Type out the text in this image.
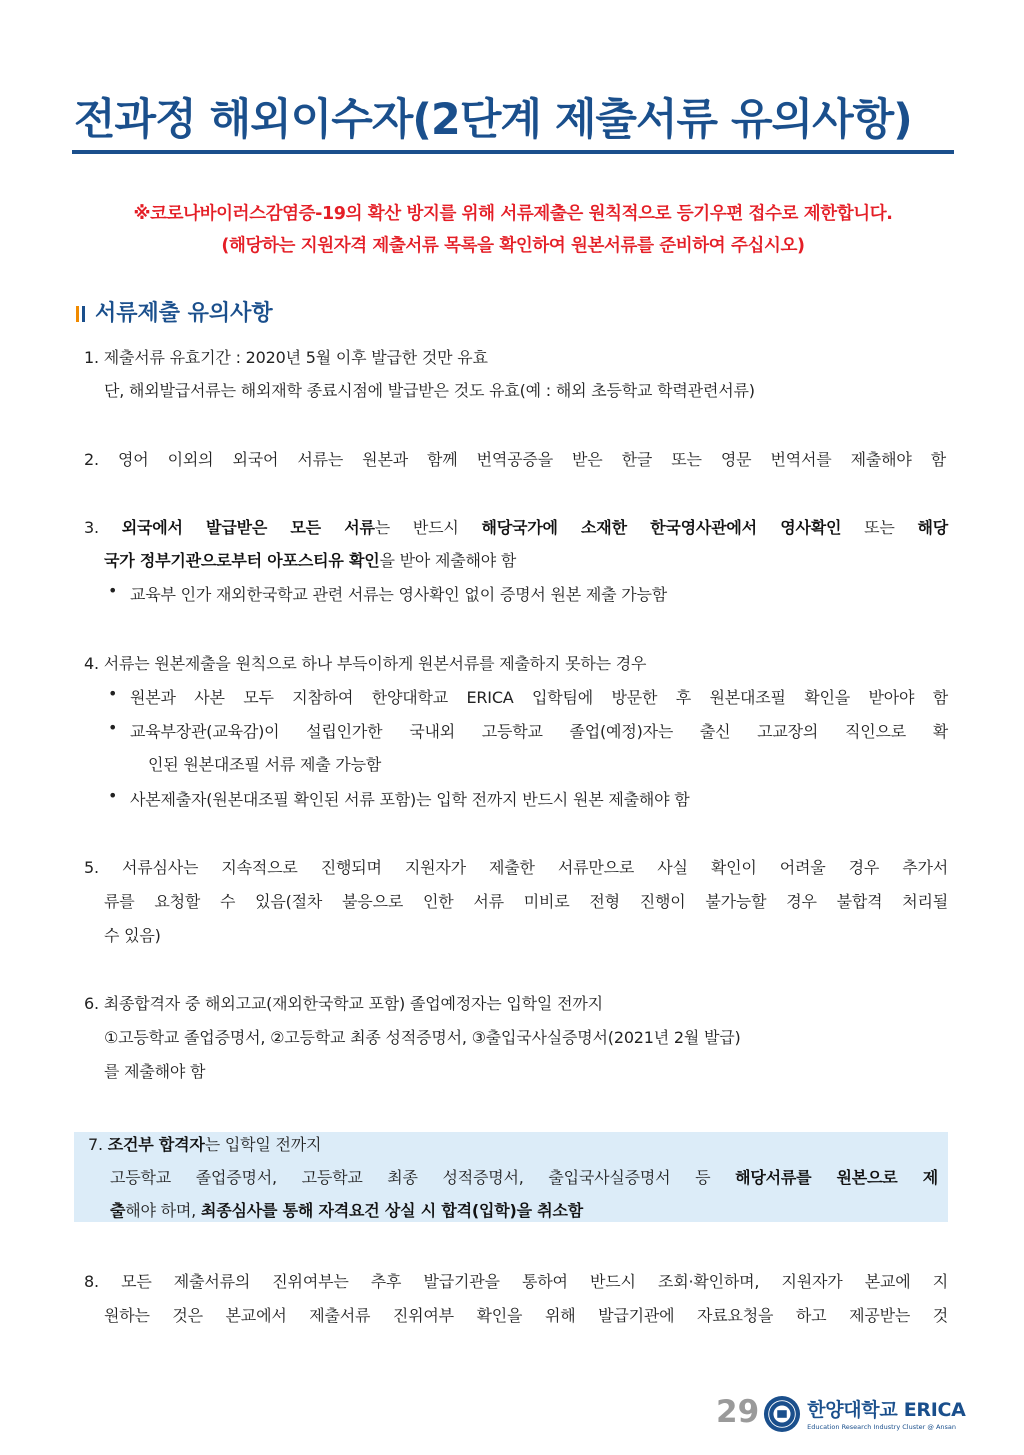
전과정 해외이수자(2단계 제출서류 유의사항)
※코로나바이러스감염증-19의 확산 방지를 위해 서류제출은 원칙적으로 등기우편 접수로 제한합니다.
(해당하는 지원자격 제출서류 목록을 확인하여 원본서류를 준비하여 주십시오)
서류제출 유의사항
1. 제출서류 유효기간 : 2020년 5월 이후 발급한 것만 유효
단, 해외발급서류는 해외재학 종료시점에 발급받은 것도 유효(예 : 해외 초등학교 학력관련서류)
2. 영어 이외의 외국어 서류는 원본과 함께 번역공증을 받은 한글 또는 영문 번역서를 제출해야 함
3. 외국에서 발급받은 모든 서류는 반드시 해당국가에 소재한 한국영사관에서 영사확인 또는 해당
국가 정부기관으로부터 아포스티유 확인을 받아 제출해야 함
• 교육부 인가 재외한국학교 관련 서류는 영사확인 없이 증명서 원본 제출 가능함
4. 서류는 원본제출을 원칙으로 하나 부득이하게 원본서류를 제출하지 못하는 경우
• 원본과 사본 모두 지참하여 한양대학교 ERICA 입학팀에 방문한 후 원본대조필 확인을 받아야 함
• 교육부장관(교육감)이 설립인가한 국내외 고등학교 졸업(예정)자는 출신 고교장의 직인으로 확
인된 원본대조필 서류 제출 가능함
• 사본제출자(원본대조필 확인된 서류 포함)는 입학 전까지 반드시 원본 제출해야 함
5. 서류심사는 지속적으로 진행되며 지원자가 제출한 서류만으로 사실 확인이 어려울 경우 추가서
류를 요청할 수 있음(절차 불응으로 인한 서류 미비로 전형 진행이 불가능할 경우 불합격 처리될
수 있음)
6. 최종합격자 중 해외고교(재외한국학교 포함) 졸업예정자는 입학일 전까지
①고등학교 졸업증명서, ②고등학교 최종 성적증명서, ③출입국사실증명서(2021년 2월 발급)
를 제출해야 함
7. 조건부 합격자는 입학일 전까지
고등학교 졸업증명서, 고등학교 최종 성적증명서, 출입국사실증명서 등 해당서류를 원본으로 제
출해야 하며, 최종심사를 통해 자격요건 상실 시 합격(입학)을 취소함
8. 모든 제출서류의 진위여부는 추후 발급기관을 통하여 반드시 조회·확인하며, 지원자가 본교에 지
원하는 것은 본교에서 제출서류 진위여부 확인을 위해 발급기관에 자료요청을 하고 제공받는 것
29	한양대학교 ERICA
Education Research Industry Cluster @ Ansan
